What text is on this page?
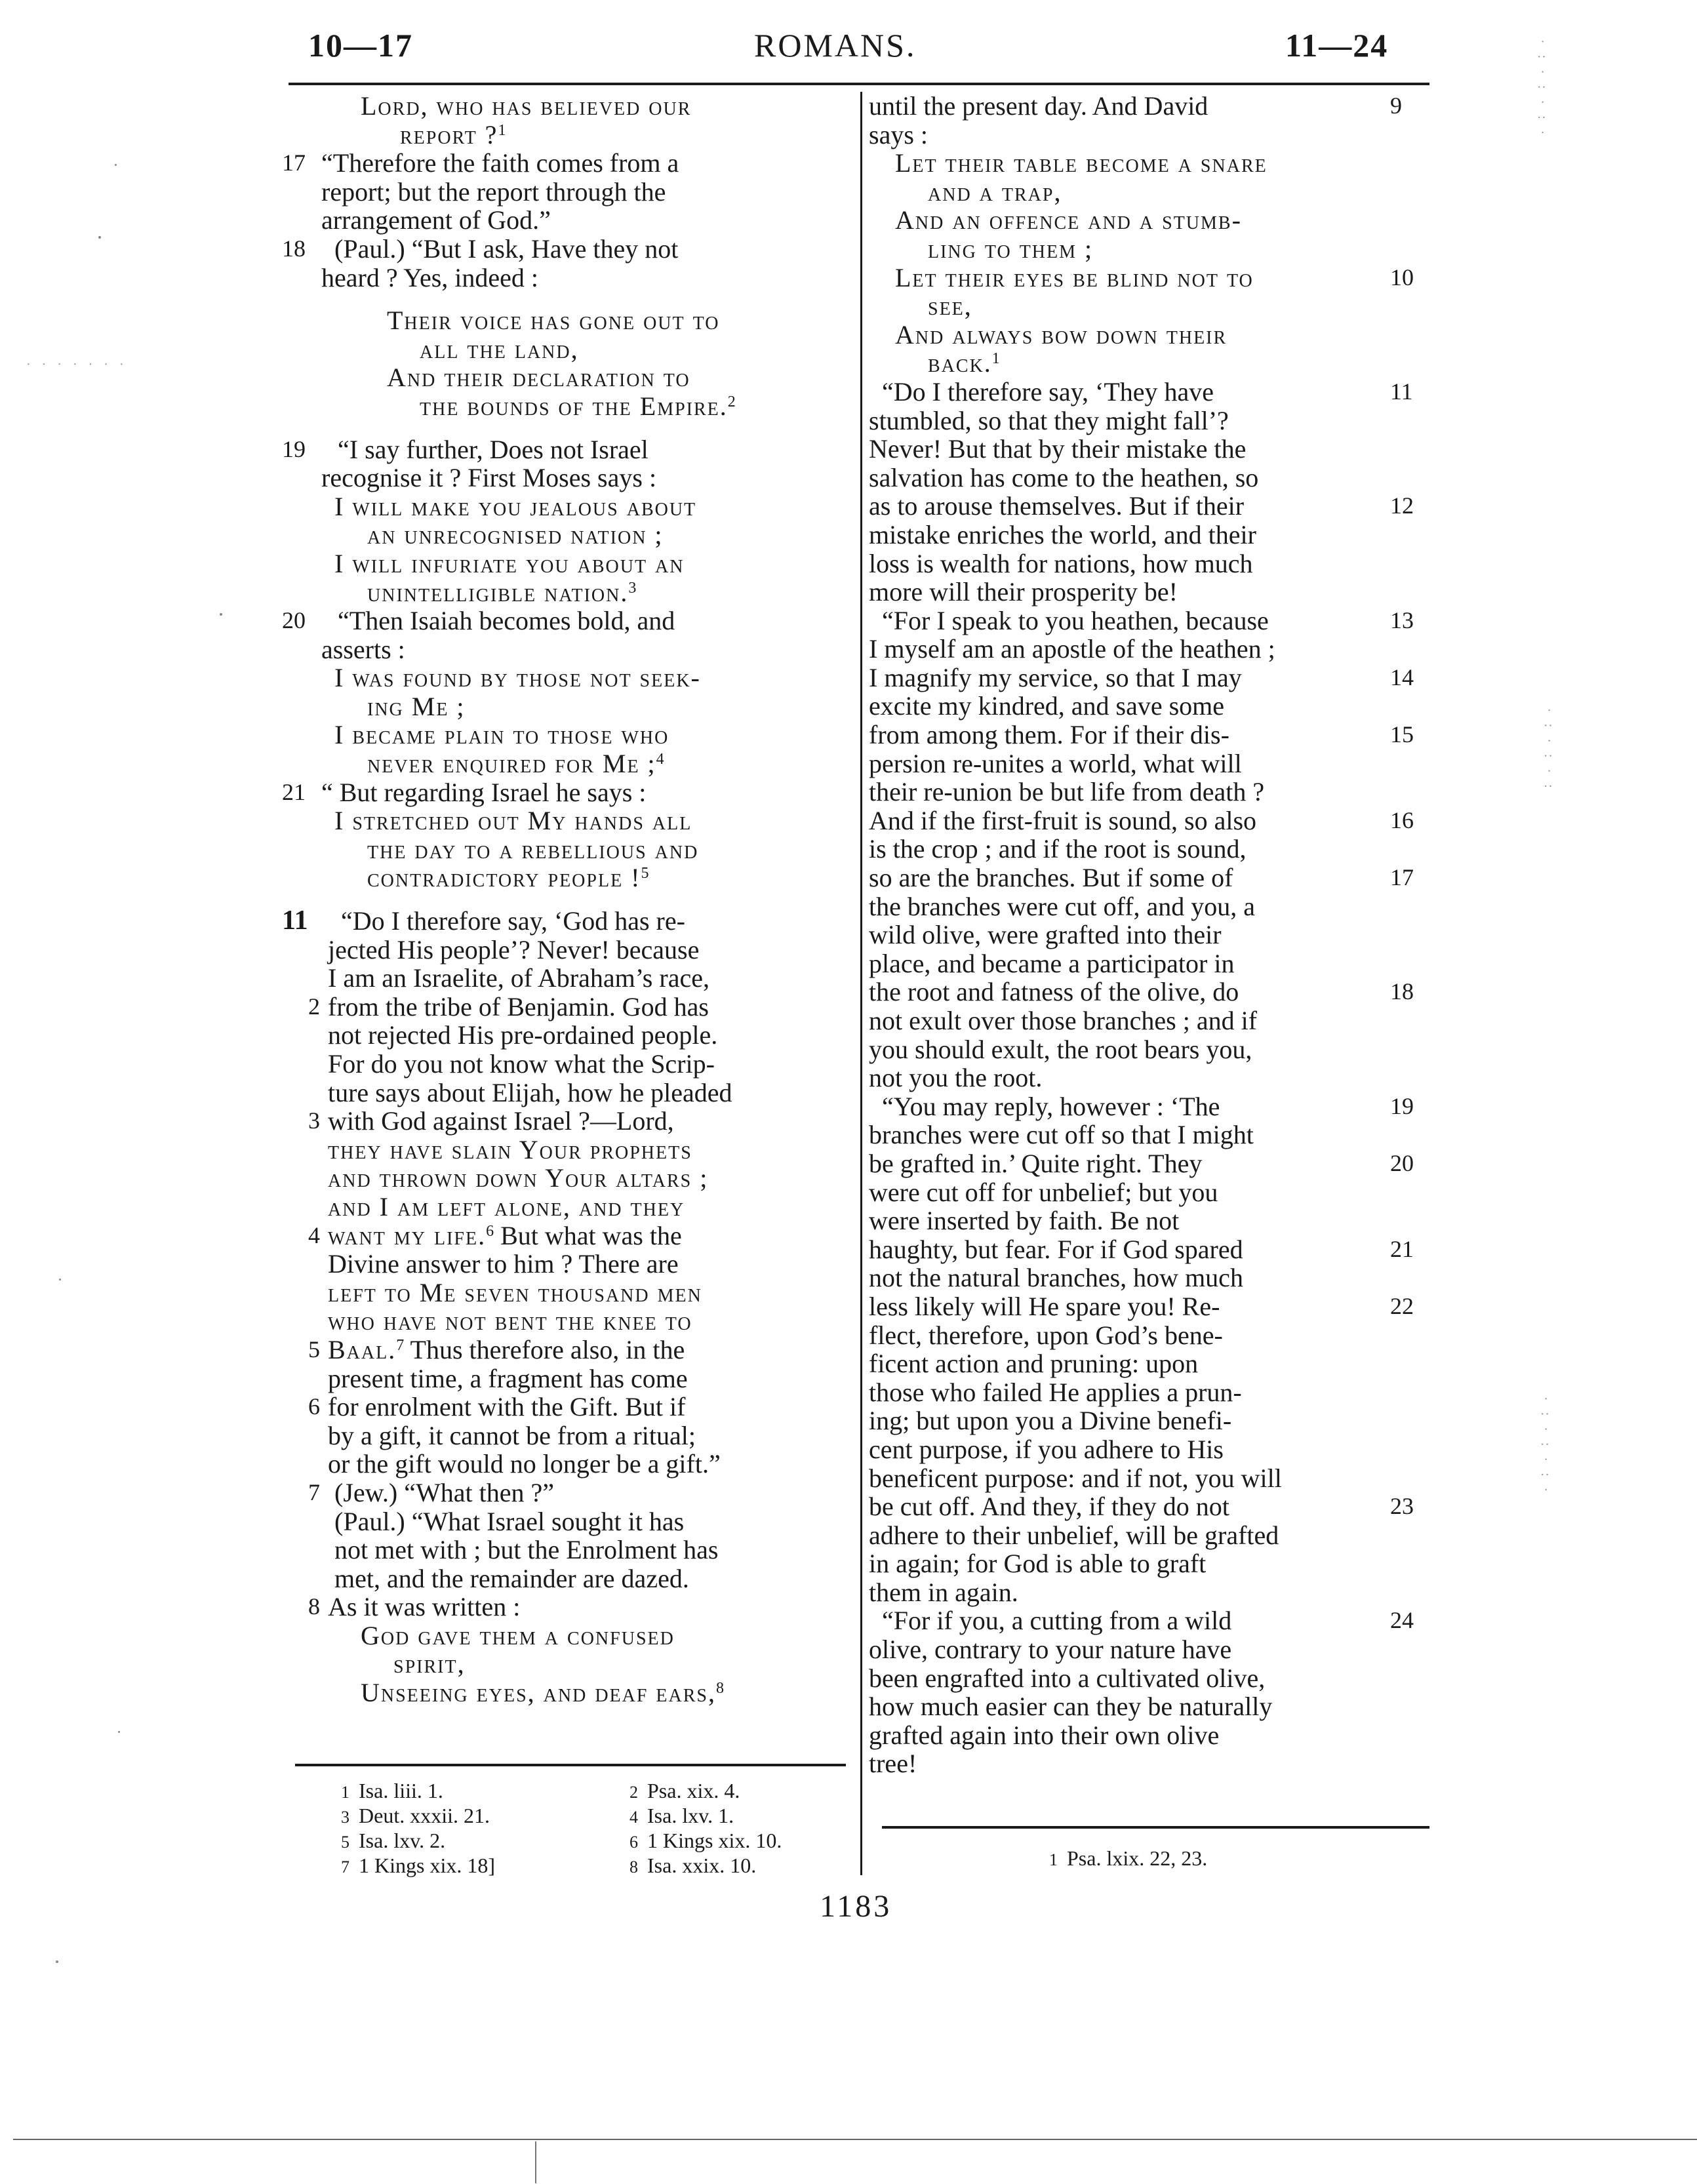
10—17	ROMANS.	11—24
Lord, who has believed our
report ?$^1$
17 “Therefore the faith comes from a
report; but the report through the
arrangement of God.”
18 (Paul.) “But I ask, Have they not
heard ? Yes, indeed :
Their voice has gone out to
all the land,
And their declaration to
the bounds of the Empire.$^2$
19 “I say further, Does not Israel
recognise it ? First Moses says :
I will make you jealous about
an unrecognised nation ;
I will infuriate you about an
unintelligible nation.$^3$
20 “Then Isaiah becomes bold, and
asserts :
I was found by those not seek-
ing Me ;
I became plain to those who
never enquired for Me ;$^4$
21 “ But regarding Israel he says :
I stretched out My hands all
the day to a rebellious and
contradictory people !$^5$
11 “Do I therefore say, ‘God has re-
jected His people’? Never! because
I am an Israelite, of Abraham’s race,
2 from the tribe of Benjamin. God has
not rejected His pre-ordained people.
For do you not know what the Scrip-
ture says about Elijah, how he pleaded
3 with God against Israel ?—Lord,
they have slain Your prophets
and thrown down Your altars ;
and I am left alone, and they
4 want my life.$^6$ But what was the
Divine answer to him ? There are
left to Me seven thousand men
who have not bent the knee to
5 Baal.$^7$ Thus therefore also, in the
present time, a fragment has come
6 for enrolment with the Gift. But if
by a gift, it cannot be from a ritual;
or the gift would no longer be a gift.”
7 (Jew.) “What then ?”
(Paul.) “What Israel sought it has
not met with ; but the Enrolment has
met, and the remainder are dazed.
8 As it was written :
God gave them a confused
spirit,
Unseeing eyes, and deaf ears,$^8$
9
until the present day. And David
says :
Let their table become a snare
and a trap,
And an offence and a stumb-
ling to them ;
10
Let their eyes be blind not to
see,
And always bow down their
back.$^1$
11
“Do I therefore say, ‘They have
stumbled, so that they might fall’?
Never! But that by their mistake the
salvation has come to the heathen, so
12
as to arouse themselves. But if their
mistake enriches the world, and their
loss is wealth for nations, how much
more will their prosperity be!
13
“For I speak to you heathen, because
I myself am an apostle of the heathen ;
14
I magnify my service, so that I may
excite my kindred, and save some
15
from among them. For if their dis-
persion re-unites a world, what will
their re-union be but life from death ?
16
And if the first-fruit is sound, so also
is the crop ; and if the root is sound,
17
so are the branches. But if some of
the branches were cut off, and you, a
wild olive, were grafted into their
place, and became a participator in
18
the root and fatness of the olive, do
not exult over those branches ; and if
you should exult, the root bears you,
not you the root.
19
“You may reply, however : ‘The
branches were cut off so that I might
20
be grafted in.’ Quite right. They
were cut off for unbelief; but you
were inserted by faith. Be not
21
haughty, but fear. For if God spared
not the natural branches, how much
22
less likely will He spare you! Re-
flect, therefore, upon God’s bene-
ficent action and pruning: upon
those who failed He applies a prun-
ing; but upon you a Divine benefi-
cent purpose, if you adhere to His
beneficent purpose: and if not, you will
23
be cut off. And they, if they do not
adhere to their unbelief, will be grafted
in again; for God is able to graft
them in again.
24
“For if you, a cutting from a wild
olive, contrary to your nature have
been engrafted into a cultivated olive,
how much easier can they be naturally
grafted again into their own olive
tree!
1 Isa. liii. 1.
3 Deut. xxxii. 21.
5 Isa. lxv. 2.
7 1 Kings xix. 18]
2 Psa. xix. 4.
4 Isa. lxv. 1.
6 1 Kings xix. 10.
8 Isa. xxix. 10.	1 Psa. lxix. 22, 23.
1183
· · · · · · ·
· : · : · : ·
· : · : · :
· : · : · : ·
